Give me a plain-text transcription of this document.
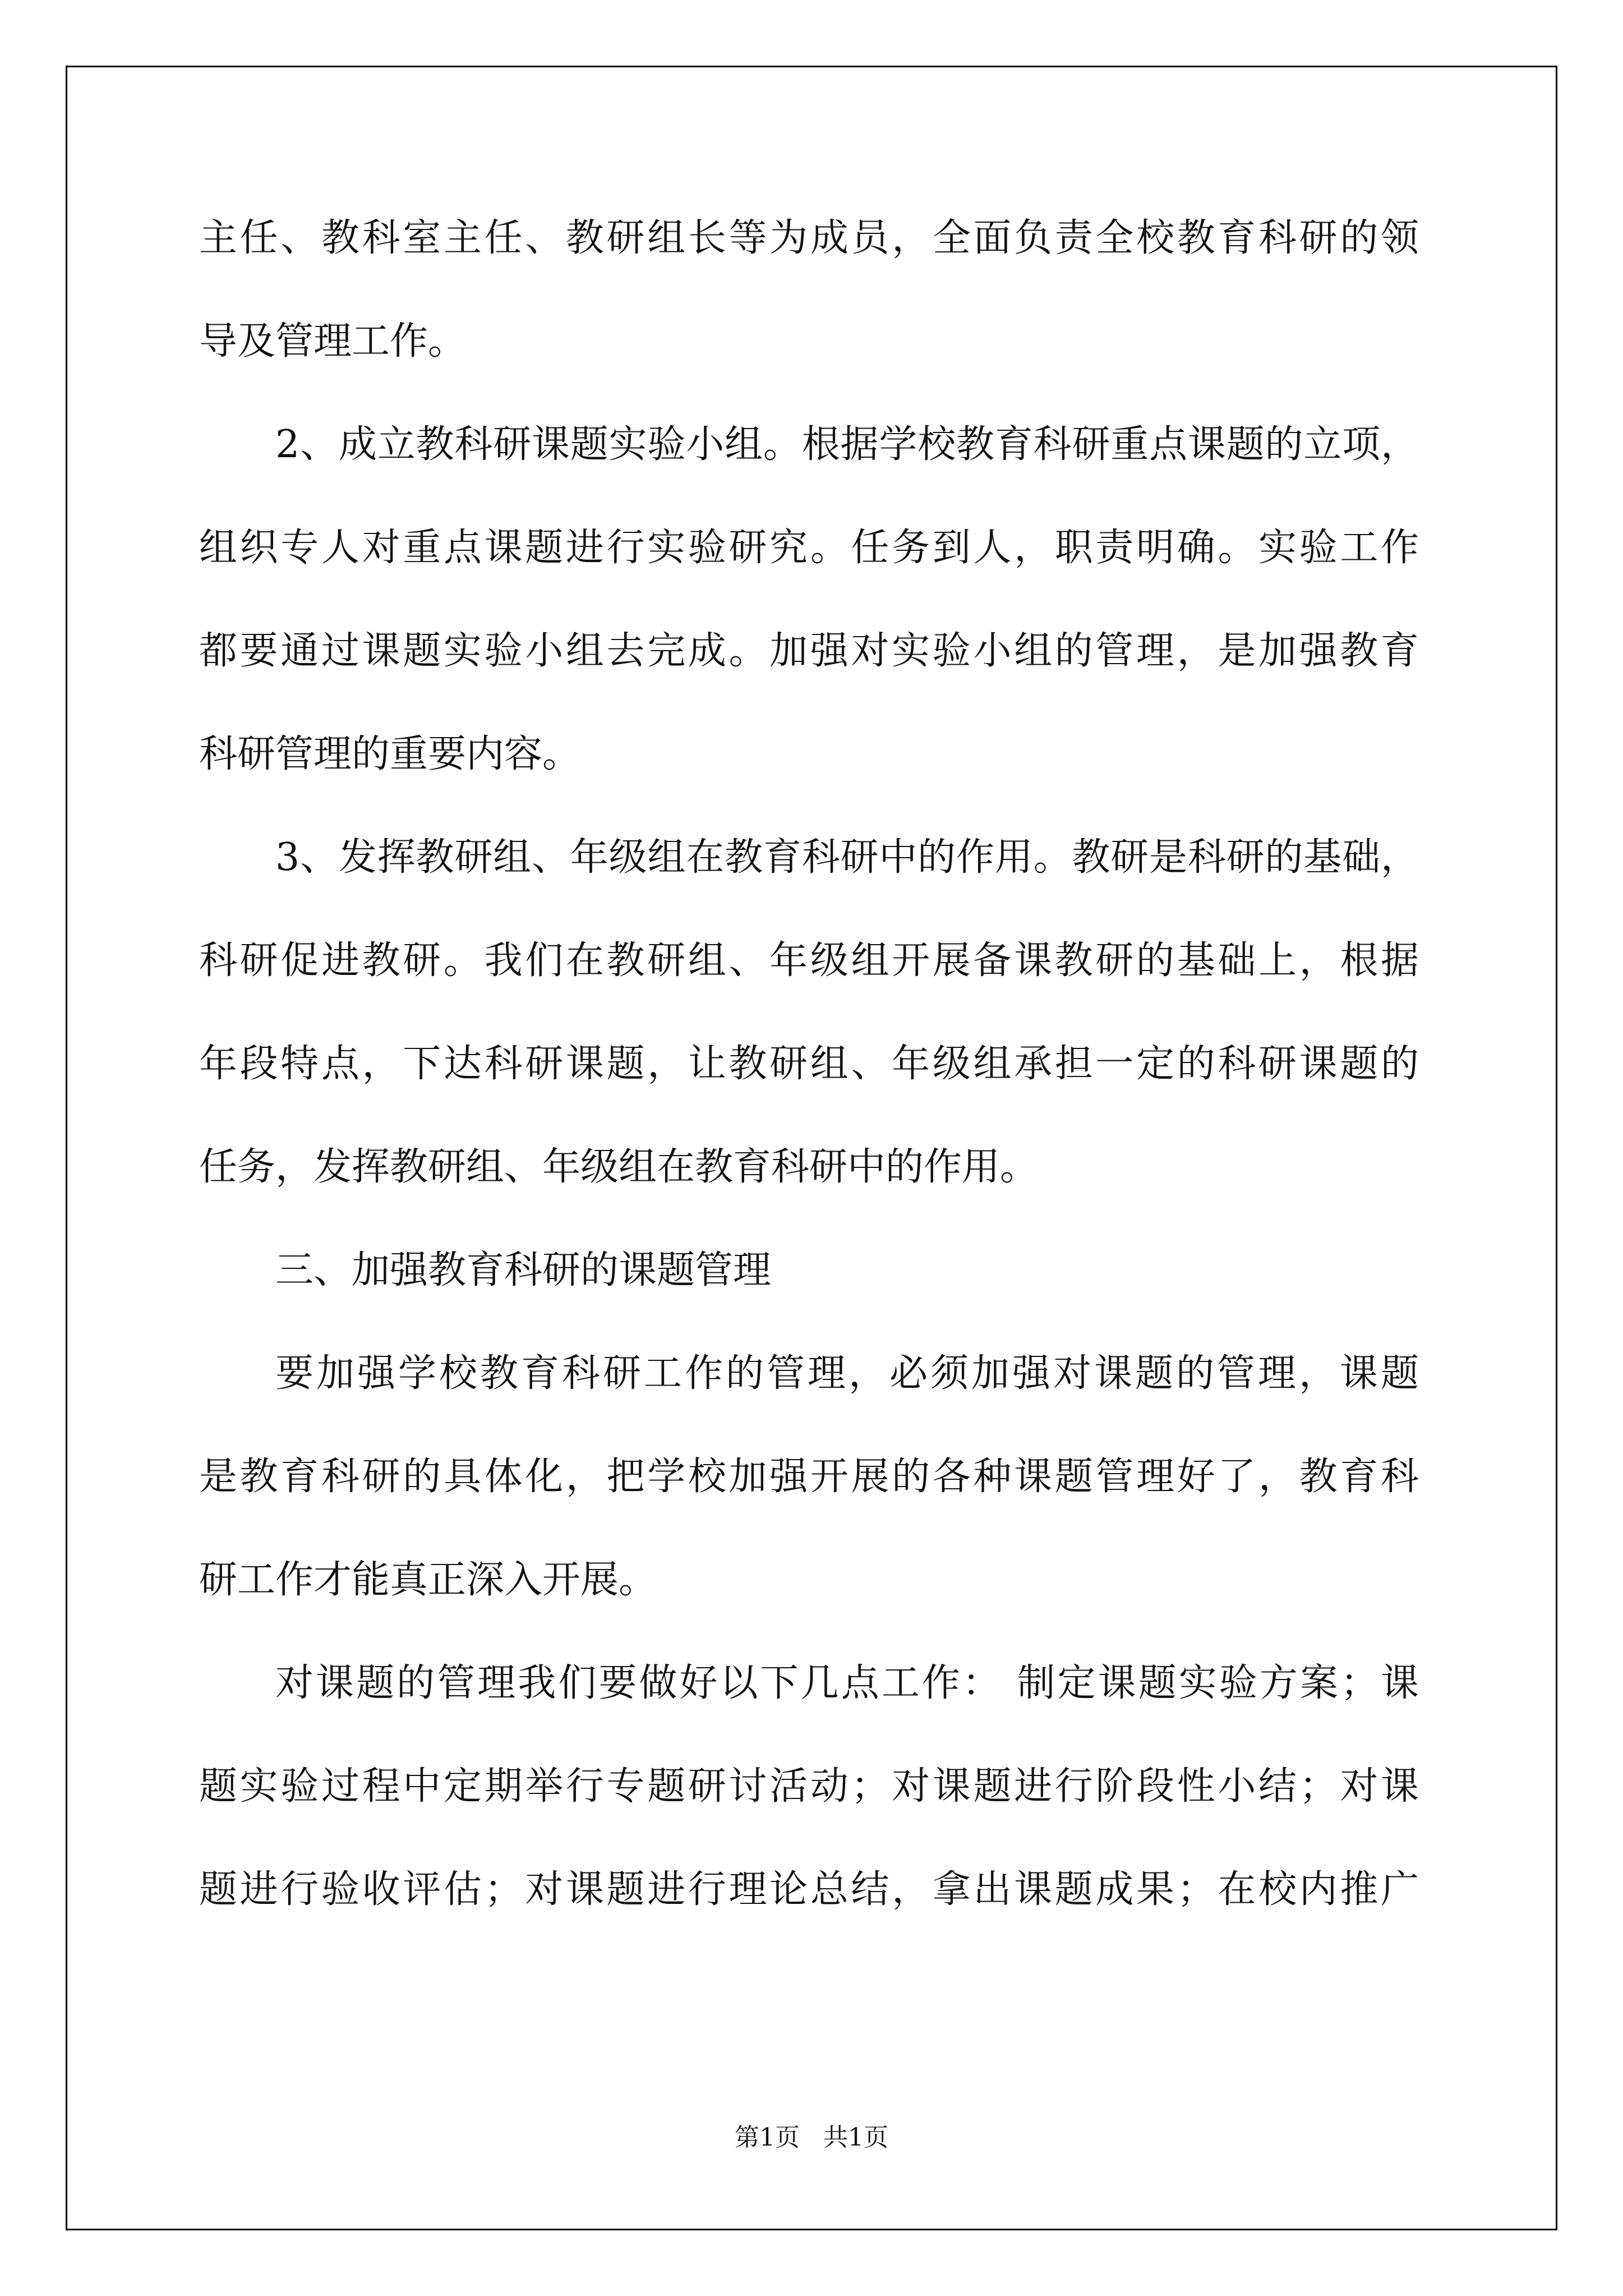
主任、教科室主任、教研组长等为成员，全面负责全校教育科研的领
导及管理工作。
2、成立教科研课题实验小组。根据学校教育科研重点课题的立项，
组织专人对重点课题进行实验研究。任务到人，职责明确。实验工作
都要通过课题实验小组去完成。加强对实验小组的管理，是加强教育
科研管理的重要内容。
3、发挥教研组、年级组在教育科研中的作用。教研是科研的基础，
科研促进教研。我们在教研组、年级组开展备课教研的基础上，根据
年段特点，下达科研课题，让教研组、年级组承担一定的科研课题的
任务，发挥教研组、年级组在教育科研中的作用。
三、加强教育科研的课题管理
要加强学校教育科研工作的管理，必须加强对课题的管理，课题
是教育科研的具体化，把学校加强开展的各种课题管理好了，教育科
研工作才能真正深入开展。
对课题的管理我们要做好以下几点工作： 制定课题实验方案；课
题实验过程中定期举行专题研讨活动；对课题进行阶段性小结；对课
题进行验收评估；对课题进行理论总结，拿出课题成果；在校内推广
第1页   共1页
